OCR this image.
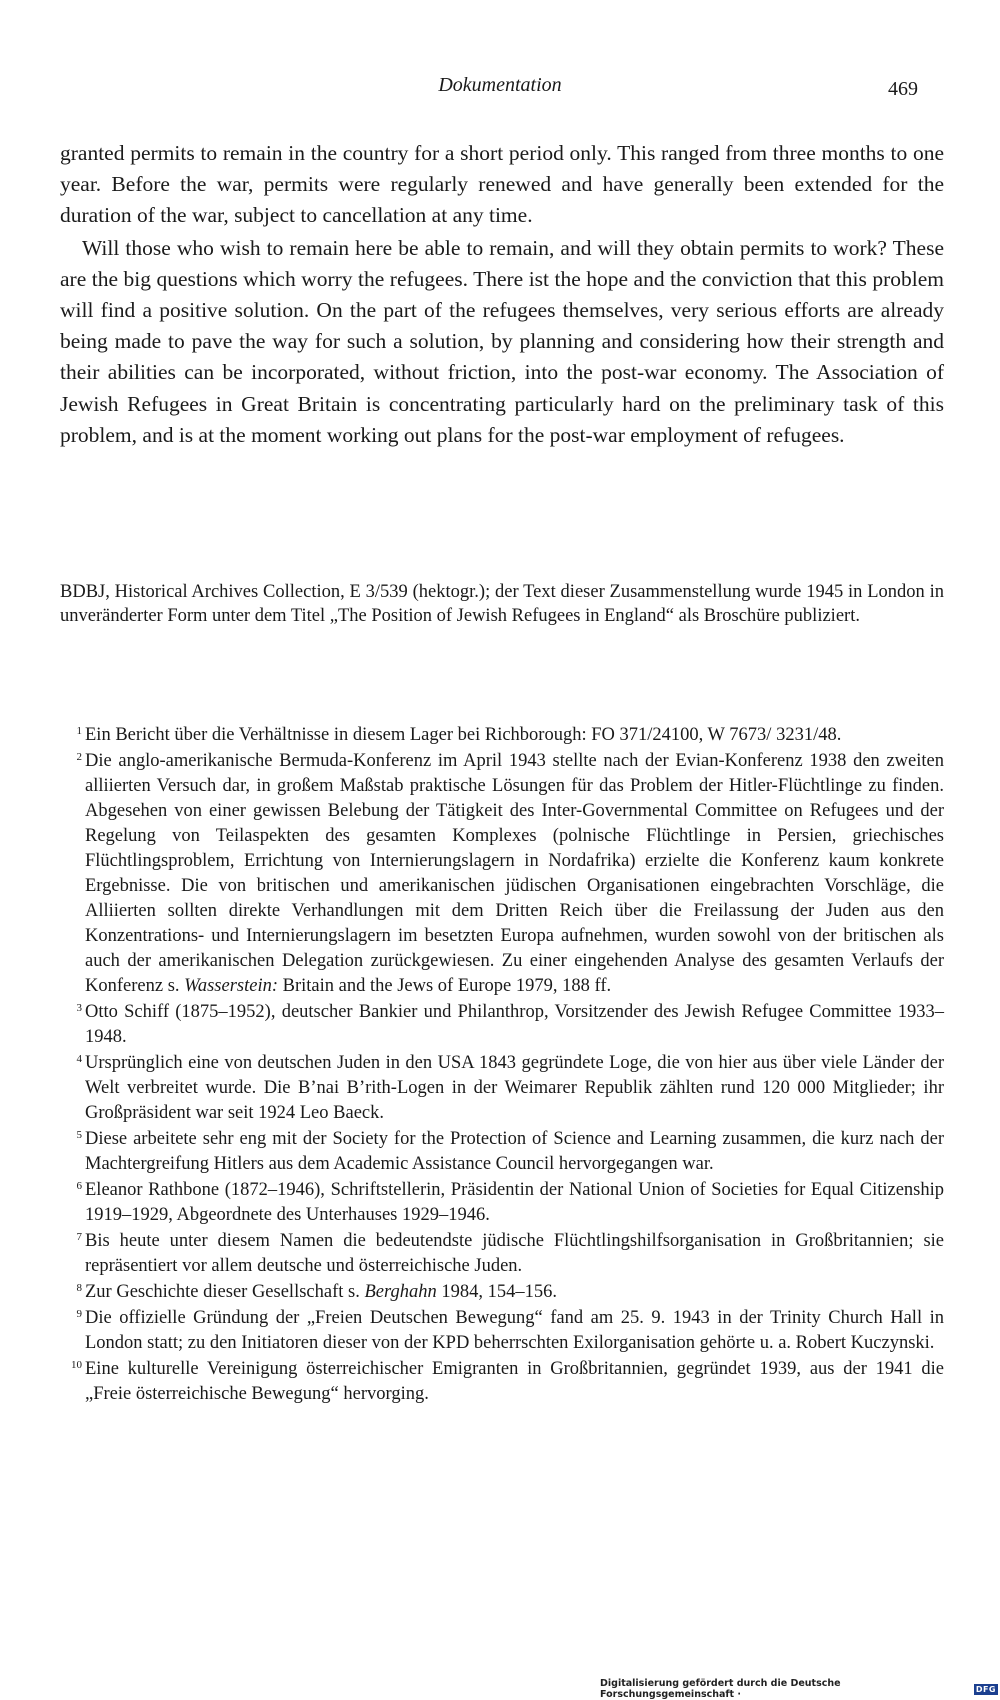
Dokumentation	469

granted permits to remain in the country for a short period only. This ranged from three months to one year. Before the war, permits were regularly renewed and have generally been extended for the duration of the war, subject to cancellation at any time.

Will those who wish to remain here be able to remain, and will they obtain permits to work? These are the big questions which worry the refugees. There ist the hope and the conviction that this problem will find a positive solution. On the part of the refugees themselves, very serious efforts are already being made to pave the way for such a solution, by planning and considering how their strength and their abilities can be incorporated, without friction, into the post-war economy. The Association of Jewish Refugees in Great Britain is concentrating particularly hard on the preliminary task of this problem, and is at the moment working out plans for the post-war employment of refugees.

BDBJ, Historical Archives Collection, E 3/539 (hektogr.); der Text dieser Zusammenstellung wurde 1945 in London in unveränderter Form unter dem Titel „The Position of Jewish Refugees in England“ als Broschüre publiziert.

1 Ein Bericht über die Verhältnisse in diesem Lager bei Richborough: FO 371/24100, W 7673/ 3231/48.
2 Die anglo-amerikanische Bermuda-Konferenz im April 1943 stellte nach der Evian-Konferenz 1938 den zweiten alliierten Versuch dar, in großem Maßstab praktische Lösungen für das Problem der Hitler-Flüchtlinge zu finden. Abgesehen von einer gewissen Belebung der Tätigkeit des Inter-Governmental Committee on Refugees und der Regelung von Teilaspekten des gesamten Komplexes (polnische Flüchtlinge in Persien, griechisches Flüchtlingsproblem, Errichtung von Internierungslagern in Nordafrika) erzielte die Konferenz kaum konkrete Ergebnisse. Die von britischen und amerikanischen jüdischen Organisationen eingebrachten Vorschläge, die Alliierten sollten direkte Verhandlungen mit dem Dritten Reich über die Freilassung der Juden aus den Konzentrations- und Internierungslagern im besetzten Europa aufnehmen, wurden sowohl von der britischen als auch der amerikanischen Delegation zurückgewiesen. Zu einer eingehenden Analyse des gesamten Verlaufs der Konferenz s. Wasserstein: Britain and the Jews of Europe 1979, 188 ff.
3 Otto Schiff (1875–1952), deutscher Bankier und Philanthrop, Vorsitzender des Jewish Refugee Committee 1933–1948.
4 Ursprünglich eine von deutschen Juden in den USA 1843 gegründete Loge, die von hier aus über viele Länder der Welt verbreitet wurde. Die B’nai B’rith-Logen in der Weimarer Republik zählten rund 120 000 Mitglieder; ihr Großpräsident war seit 1924 Leo Baeck.
5 Diese arbeitete sehr eng mit der Society for the Protection of Science and Learning zusammen, die kurz nach der Machtergreifung Hitlers aus dem Academic Assistance Council hervorgegangen war.
6 Eleanor Rathbone (1872–1946), Schriftstellerin, Präsidentin der National Union of Societies for Equal Citizenship 1919–1929, Abgeordnete des Unterhauses 1929–1946.
7 Bis heute unter diesem Namen die bedeutendste jüdische Flüchtlingshilfsorganisation in Großbritannien; sie repräsentiert vor allem deutsche und österreichische Juden.
8 Zur Geschichte dieser Gesellschaft s. Berghahn 1984, 154–156.
9 Die offizielle Gründung der „Freien Deutschen Bewegung“ fand am 25. 9. 1943 in der Trinity Church Hall in London statt; zu den Initiatoren dieser von der KPD beherrschten Exilorganisation gehörte u. a. Robert Kuczynski.
10 Eine kulturelle Vereinigung österreichischer Emigranten in Großbritannien, gegründet 1939, aus der 1941 die „Freie österreichische Bewegung“ hervorging.
Digitalisierung gefördert durch die Deutsche Forschungsgemeinschaft ·	DFG
